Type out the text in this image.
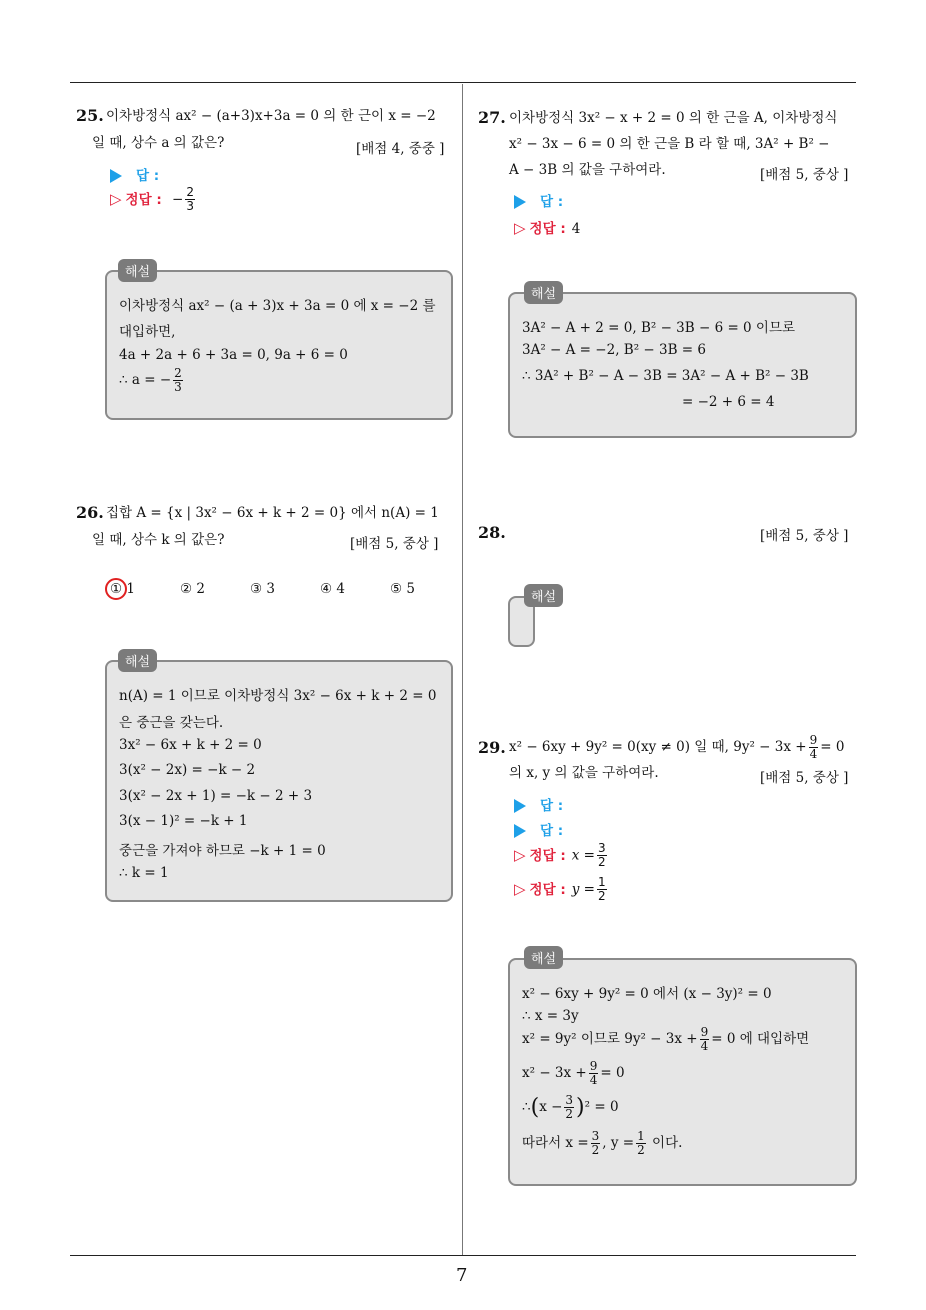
7
25. 이차방정식 ax² − (a+3)x+3a = 0 의 한 근이 x = −2
일 때, 상수 a 의 값은?	[배점 4, 중중 ]
답 :
▷ 정답 : − $\frac{2}{3}$
이차방정식 ax² − (a + 3)x + 3a = 0 에 x = −2 를
대입하면,
4a + 2a + 6 + 3a = 0, 9a + 6 = 0
∴ a = − $\frac{2}{3}$
해설
26. 집합 A = {x | 3x² − 6x + k + 2 = 0} 에서 n(A) = 1
일 때, 상수 k 의 값은?	[배점 5, 중상 ]
① 1	② 2	③ 3	④ 4	⑤ 5
n(A) = 1 이므로 이차방정식 3x² − 6x + k + 2 = 0
은 중근을 갖는다.
3x² − 6x + k + 2 = 0
3(x² − 2x) = −k − 2
3(x² − 2x + 1) = −k − 2 + 3
3(x − 1)² = −k + 1
중근을 가져야 하므로 −k + 1 = 0
∴ k = 1
해설
27. 이차방정식 3x² − x + 2 = 0 의 한 근을 A, 이차방정식
x² − 3x − 6 = 0 의 한 근을 B 라 할 때, 3A² + B² −
A − 3B 의 값을 구하여라.	[배점 5, 중상 ]
답 :
▷ 정답 : 4
3A² − A + 2 = 0, B² − 3B − 6 = 0 이므로
3A² − A = −2, B² − 3B = 6
∴ 3A² + B² − A − 3B = 3A² − A + B² − 3B
= −2 + 6 = 4
해설
28.	[배점 5, 중상 ]
해설
29. x² − 6xy + 9y² = 0(xy ≠ 0) 일 때, $9y^2 - 3x + \frac{9}{4} = 0$
의 x, y 의 값을 구하여라.	[배점 5, 중상 ]
답 :
답 :
▷ 정답 : $x = \frac{3}{2}$
▷ 정답 : $y = \frac{1}{2}$
x² − 6xy + 9y² = 0 에서 (x − 3y)² = 0
∴ x = 3y
x² = 9y² 이므로 $9y^2 - 3x + \frac{9}{4} = 0$ 에 대입하면
$x^2 - 3x + \frac{9}{4} = 0$
∴(x − $\frac{3}{2} )^2 = 0$
따라서 $x = \frac{3}{2}$ , $y = \frac{1}{2}$ 이다.
해설
